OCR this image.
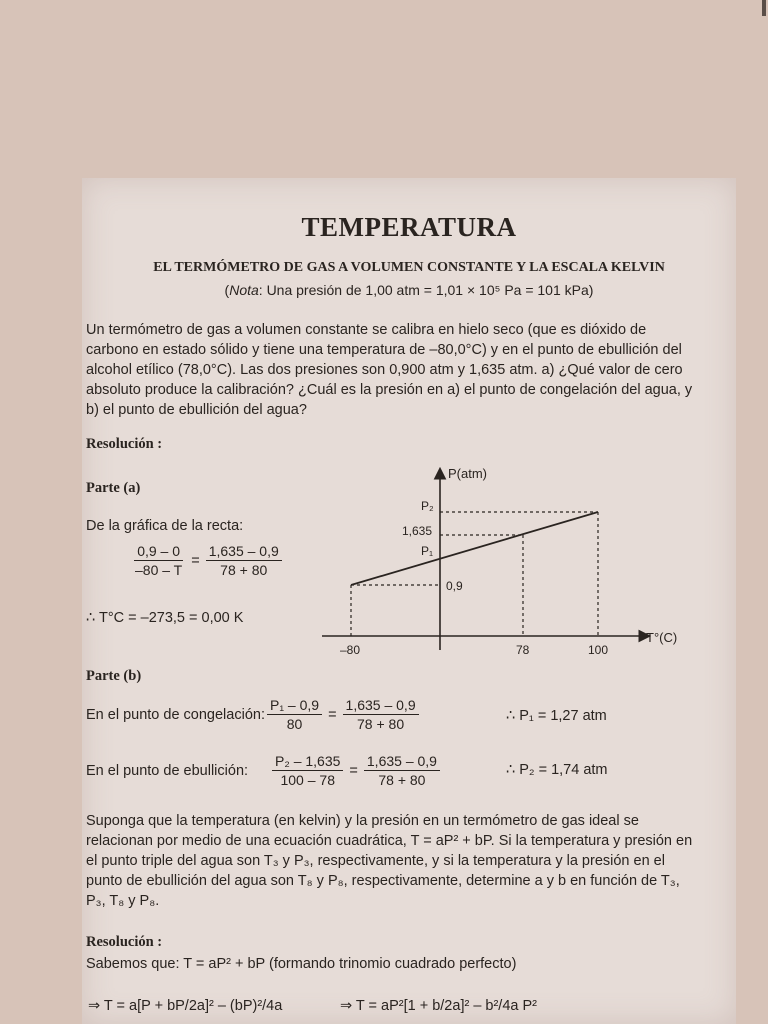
TEMPERATURA
EL TERMÓMETRO DE GAS A VOLUMEN CONSTANTE Y LA ESCALA KELVIN
(Nota: Una presión de 1,00 atm = 1,01 × 10⁵ Pa = 101 kPa)
Un termómetro de gas a volumen constante se calibra en hielo seco (que es dióxido de carbono en estado sólido y tiene una temperatura de –80,0°C) y en el punto de ebullición del alcohol etílico (78,0°C). Las dos presiones son 0,900 atm y 1,635 atm. a) ¿Qué valor de cero absoluto produce la calibración? ¿Cuál es la presión en a) el punto de congelación del agua, y b) el punto de ebullición del agua?
Resolución :
Parte (a)
De la gráfica de la recta:
$\frac{0,9 - 0}{-80 - T} = \frac{1,635 - 0,9}{78 + 80}$
∴ T°C = –273,5 = 0,00 K
P(atm)
T°(C)
P₂
1,635
P₁
0,9
–80	78	100
Parte (b)
En el punto de congelación: $\frac{\text{P₁ – 0,9}}{80} = \frac{1,635 - 0,9}{78 + 80}$	∴ P₁ = 1,27 atm
En el punto de ebullición: $\frac{\text{P₂ – 1,635}}{100 - 78} = \frac{1,635 - 0,9}{78 + 80}$	∴ P₂ = 1,74 atm
Suponga que la temperatura (en kelvin) y la presión en un termómetro de gas ideal se relacionan por medio de una ecuación cuadrática, T = aP² + bP. Si la temperatura y presión en el punto triple del agua son T₃ y P₃, respectivamente, y si la temperatura y la presión en el punto de ebullición del agua son T₈ y P₈, respectivamente, determine a y b en función de T₃, P₃, T₈ y P₈.
Resolución :
Sabemos que: T = aP² + bP (formando trinomio cuadrado perfecto)
⇒ T = a[P + bP/2a]² – (bP)²/4a	⇒ T = aP²[1 + b/2a]² – b²/4a P²
